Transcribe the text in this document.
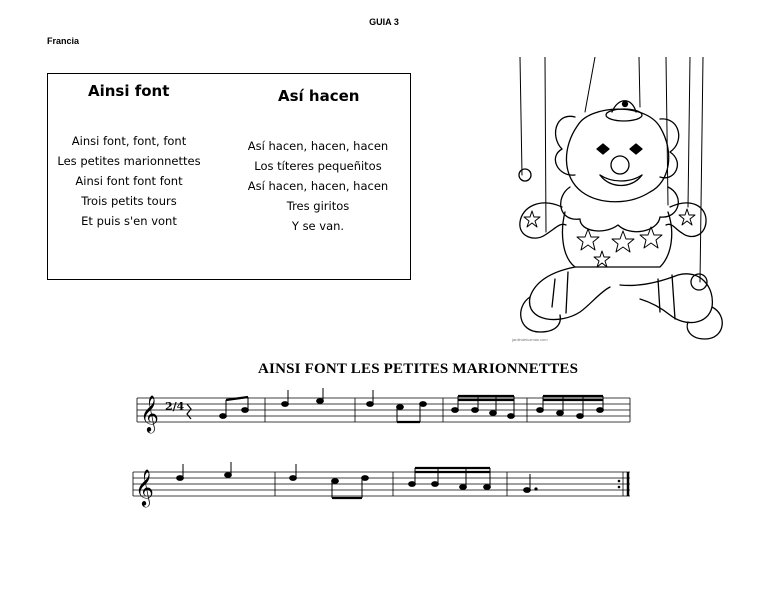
GUIA 3
Francia
Ainsi font	Así hacen
Ainsi font, font, font
Les petites marionnettes
Ainsi font font font
Trois petits tours
Et puis s'en vont
Así hacen, hacen, hacen
Los títeres pequeñitos
Así hacen, hacen, hacen
Tres giritos
Y se van.
jardindeluzmas.com
AINSI FONT LES PETITES MARIONNETTES
𝄞 2/4
𝄞
